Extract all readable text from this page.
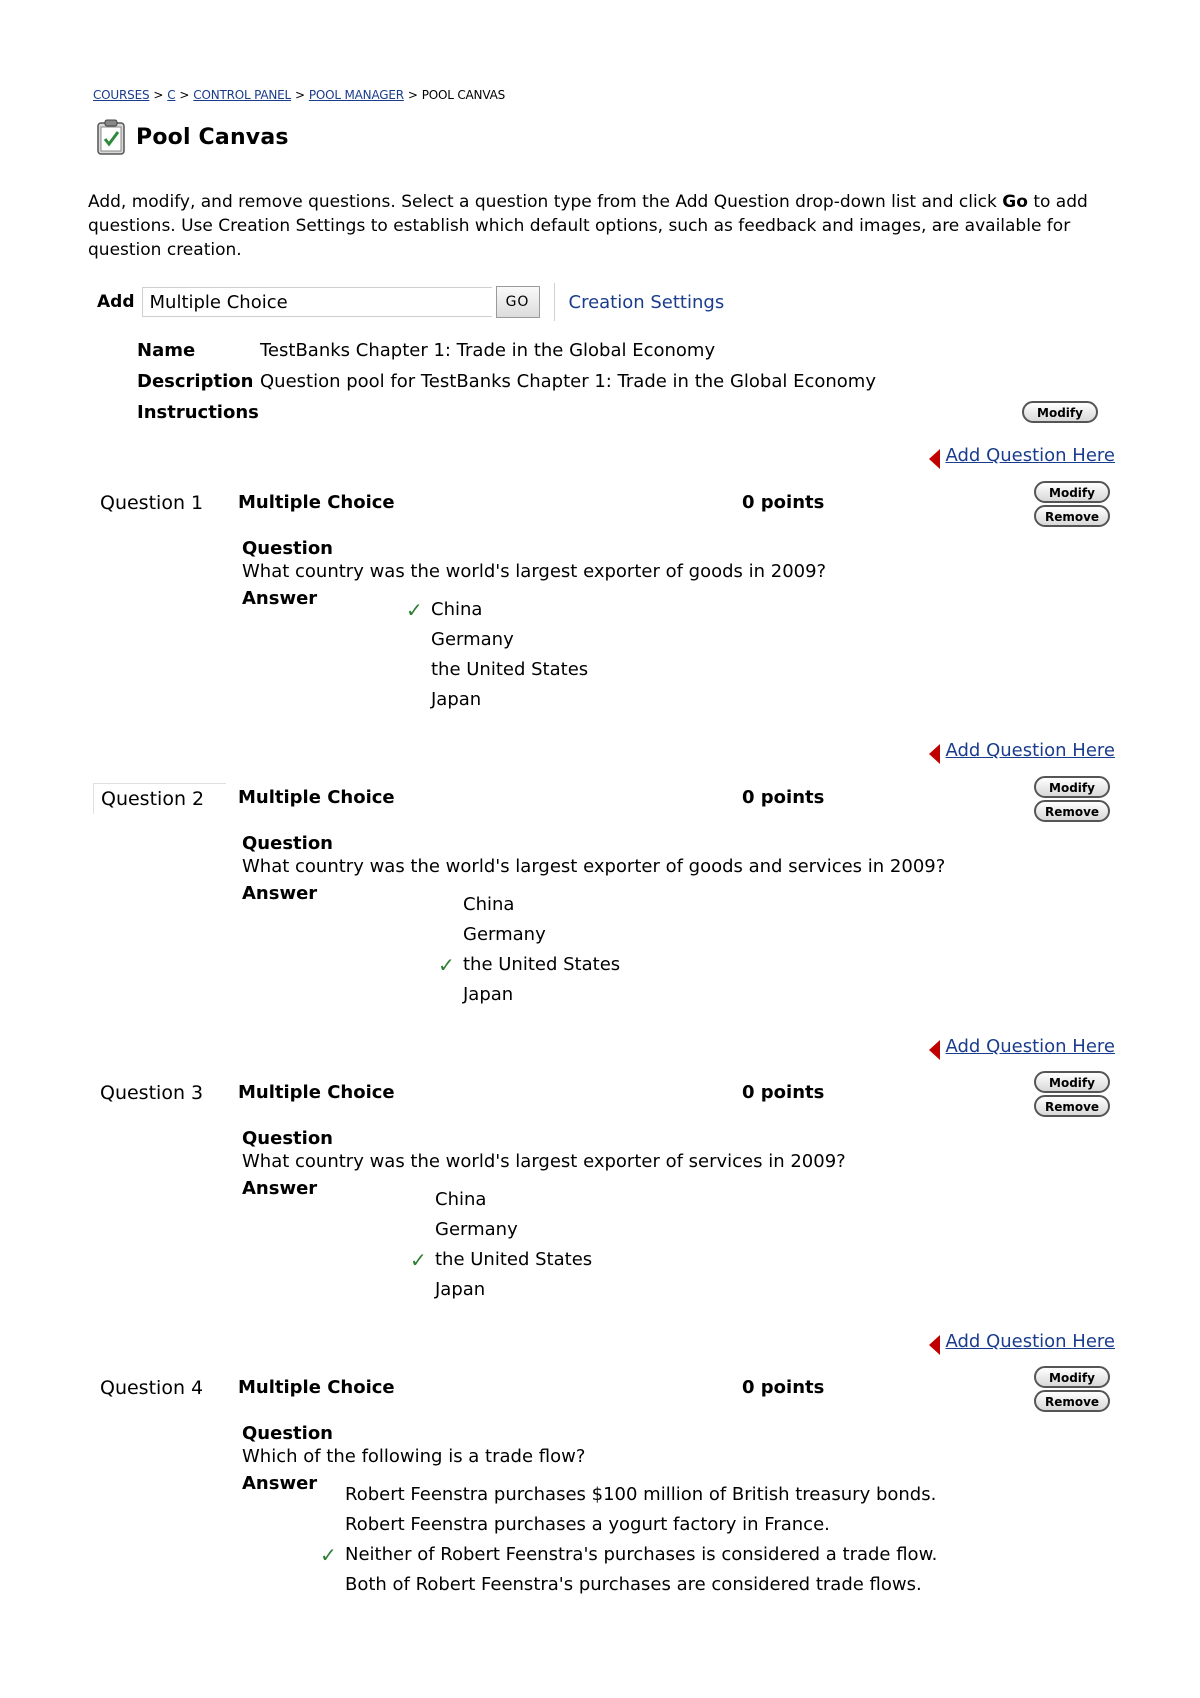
COURSES > C > CONTROL PANEL > POOL MANAGER > POOL CANVAS
Pool Canvas
Add, modify, and remove questions. Select a question type from the Add Question drop-down list and click Go to add questions. Use Creation Settings to establish which default options, such as feedback and images, are available for question creation.
Add Multiple Choice	GO	Creation Settings
Name	TestBanks Chapter 1: Trade in the Global Economy
Description Question pool for TestBanks Chapter 1: Trade in the Global Economy
Instructions	Modify
Add Question Here
Add Question Here
Add Question Here
Add Question Here
Question 1	Multiple Choice	0 points	Modify
Remove
Question
What country was the world's largest exporter of goods in 2009?
Answer	✓ China
Germany
the United States
Japan
Question 2	Multiple Choice	0 points	Modify
Remove
Question
What country was the world's largest exporter of goods and services in 2009?
Answer
China
Germany
✓ the United States
Japan
Question 3	Multiple Choice	0 points	Modify
Remove
Question
What country was the world's largest exporter of services in 2009?
Answer
China
Germany
✓ the United States
Japan
Question 4	Multiple Choice	0 points	Modify
Remove
Question
Which of the following is a trade flow?
Answer
Robert Feenstra purchases $100 million of British treasury bonds.
Robert Feenstra purchases a yogurt factory in France.
✓ Neither of Robert Feenstra's purchases is considered a trade flow.
Both of Robert Feenstra's purchases are considered trade flows.
